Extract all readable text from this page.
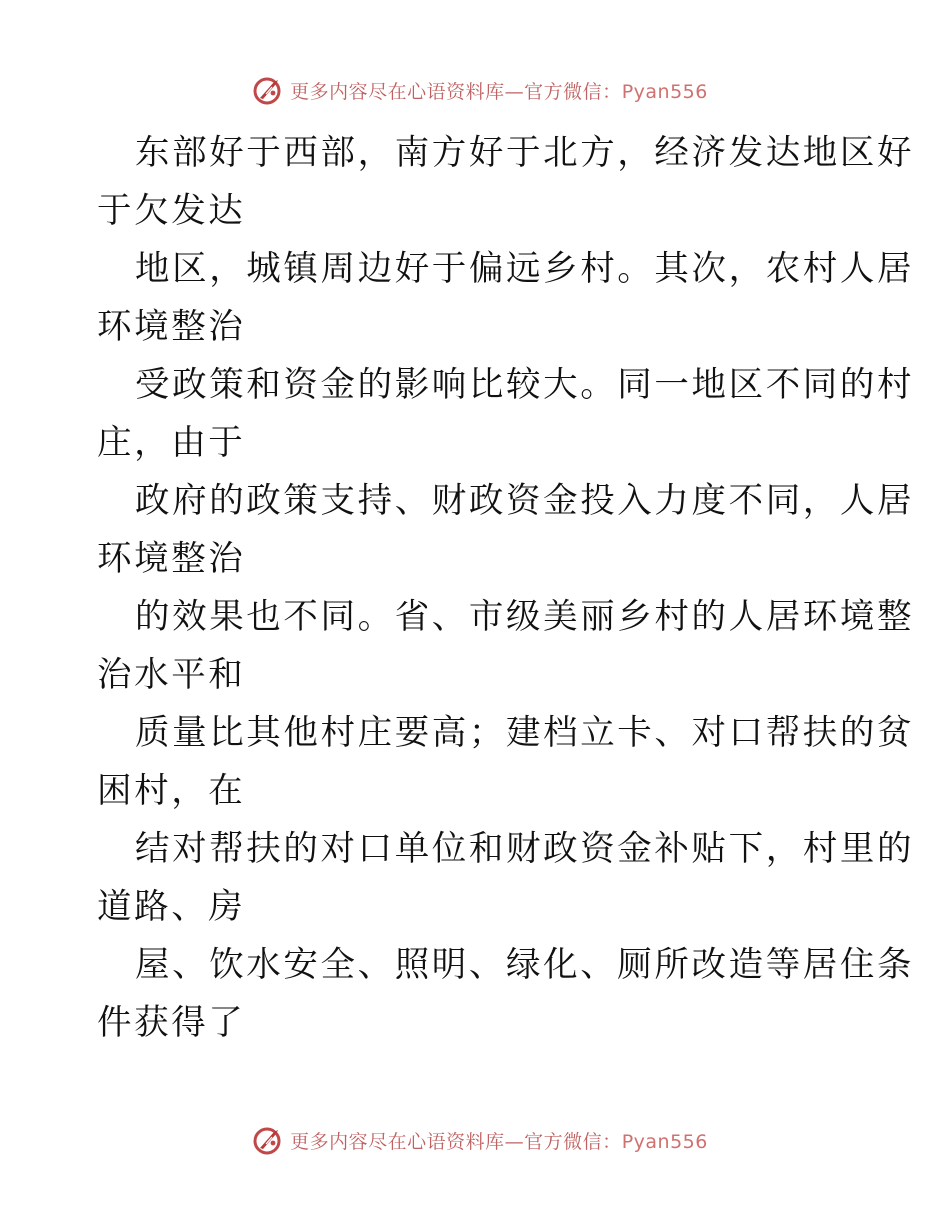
更多内容尽在心语资料库—官方微信：Pyan556
东部好于西部，南方好于北方，经济发达地区好
于欠发达
地区，城镇周边好于偏远乡村。其次，农村人居
环境整治
受政策和资金的影响比较大。同一地区不同的村
庄，由于
政府的政策支持、财政资金投入力度不同，人居
环境整治
的效果也不同。省、市级美丽乡村的人居环境整
治水平和
质量比其他村庄要高；建档立卡、对口帮扶的贫
困村，在
结对帮扶的对口单位和财政资金补贴下，村里的
道路、房
屋、饮水安全、照明、绿化、厕所改造等居住条
件获得了
更多内容尽在心语资料库—官方微信：Pyan556
